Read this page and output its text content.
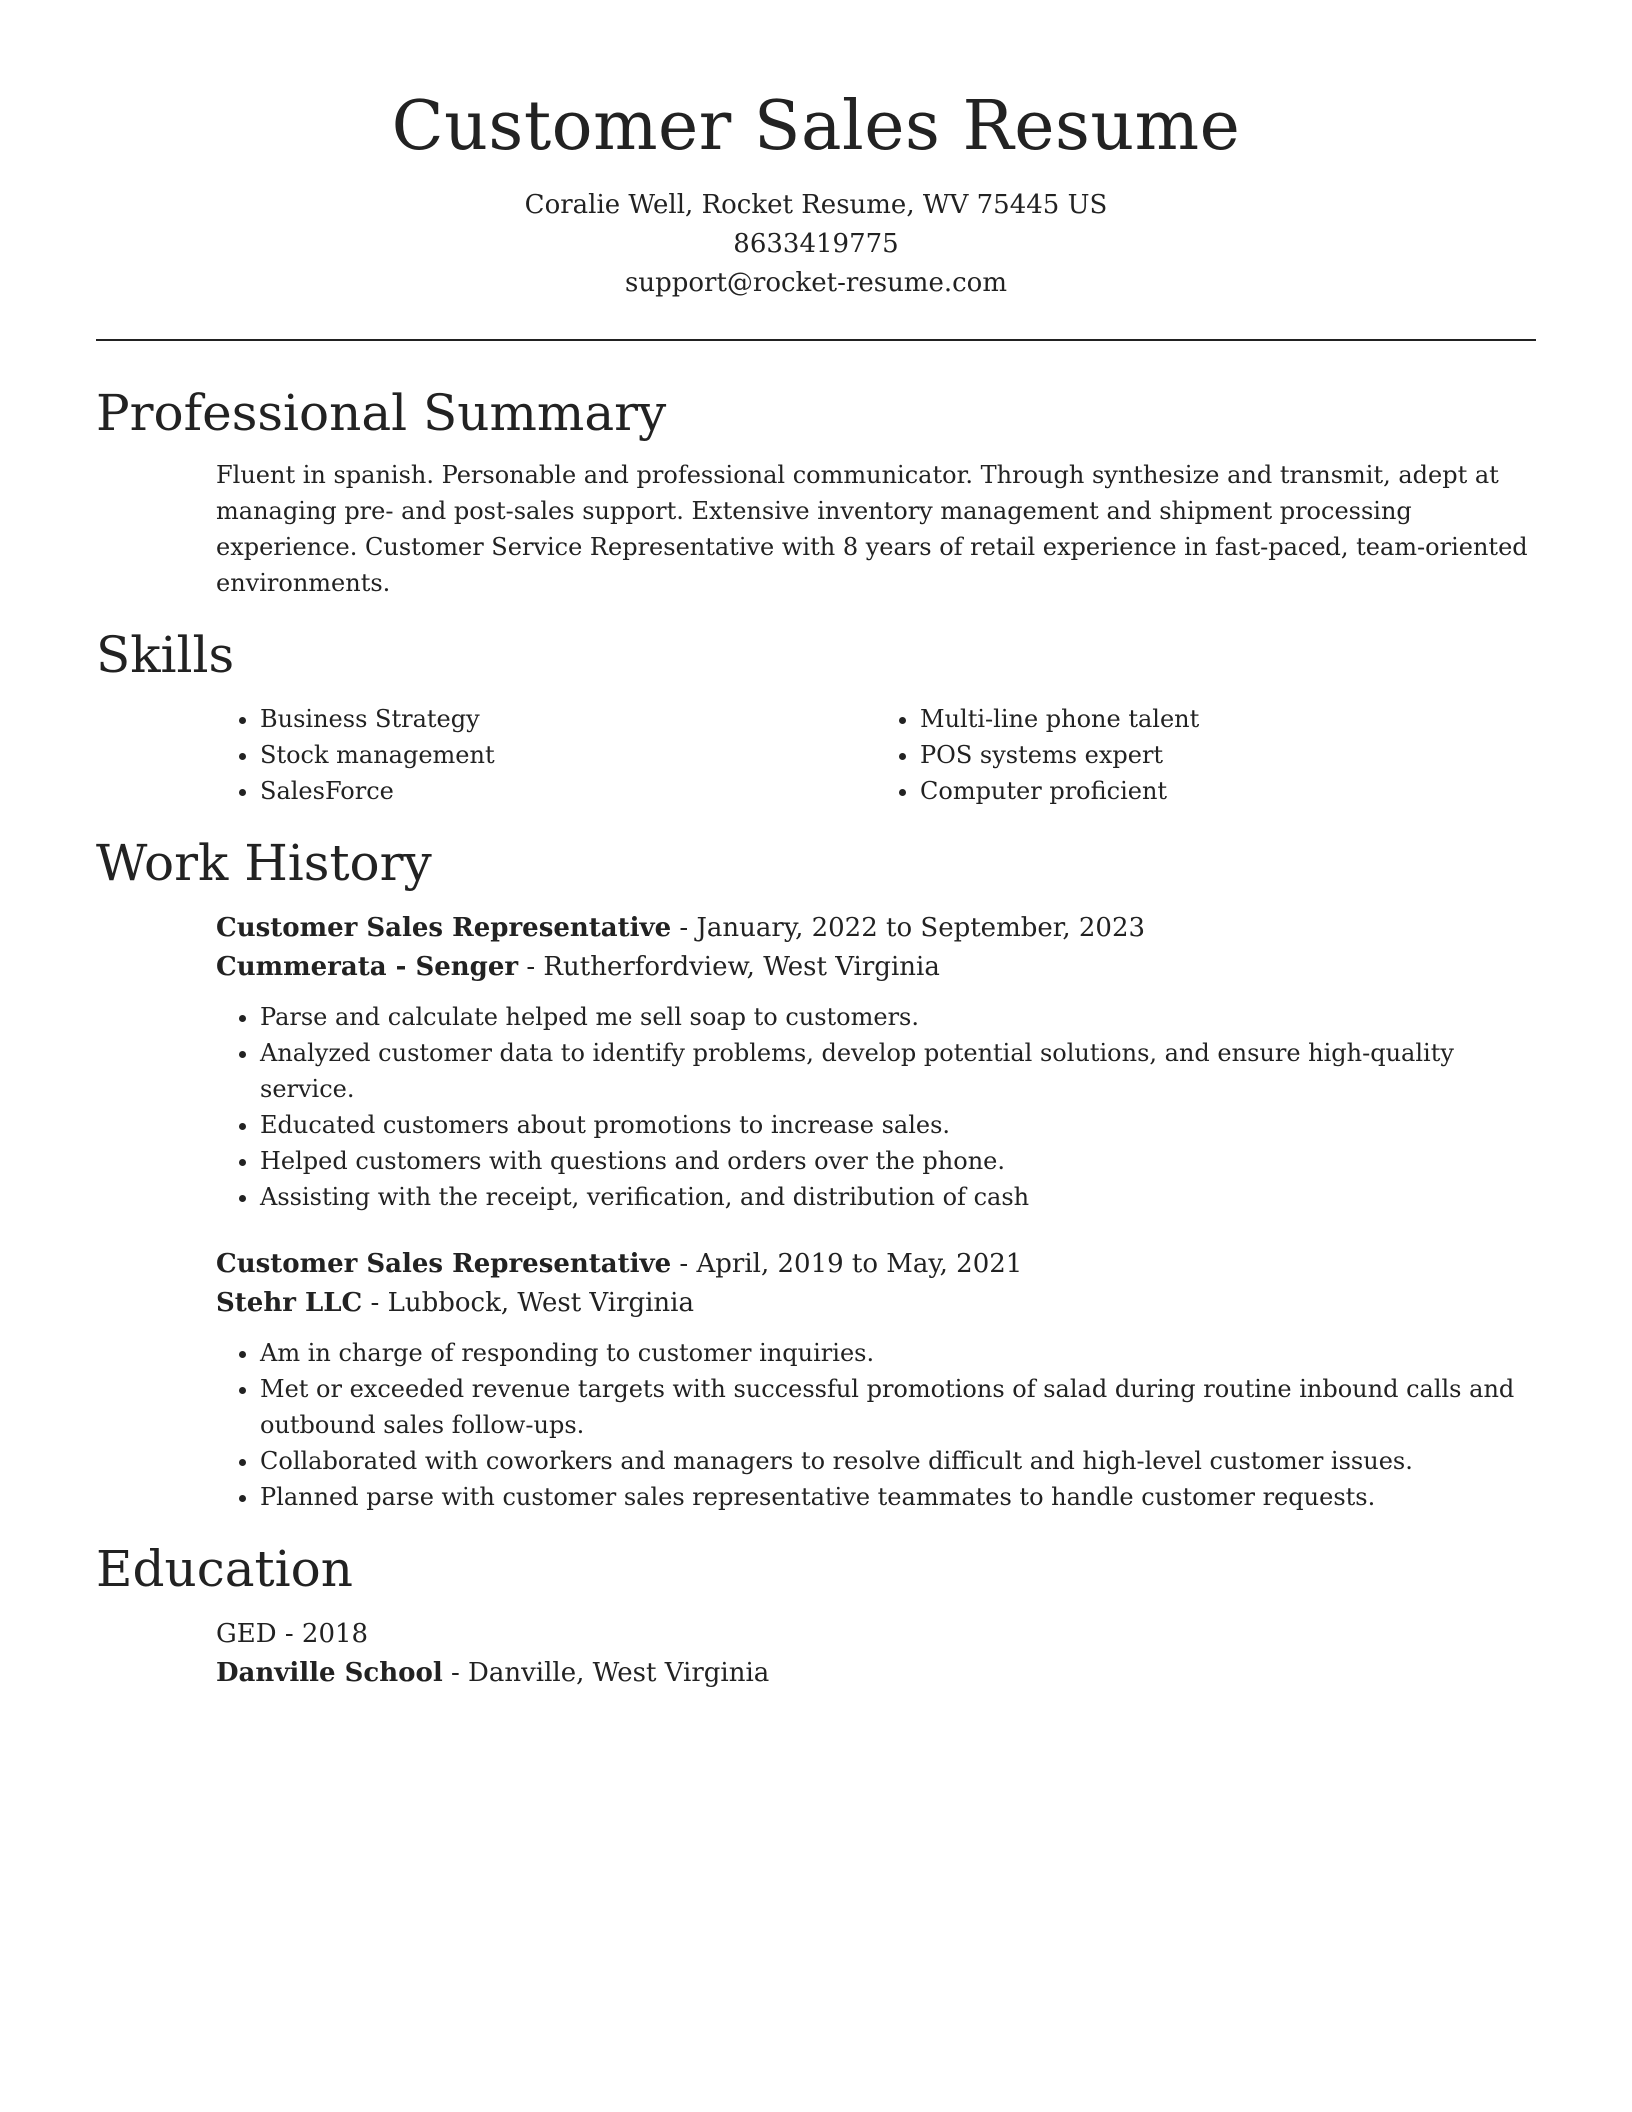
Customer Sales Resume
Coralie Well, Rocket Resume, WV 75445 US
8633419775
support@rocket-resume.com
Professional Summary
Fluent in spanish. Personable and professional communicator. Through synthesize and transmit, adept at managing pre- and post-sales support. Extensive inventory management and shipment processing experience. Customer Service Representative with 8 years of retail experience in fast-paced, team-oriented environments.
Skills
• Business Strategy
• Stock management
• SalesForce
• Multi-line phone talent
• POS systems expert
• Computer proficient
Work History
Customer Sales Representative - January, 2022 to September, 2023
Cummerata - Senger - Rutherfordview, West Virginia
• Parse and calculate helped me sell soap to customers.
• Analyzed customer data to identify problems, develop potential solutions, and ensure high-quality service.
• Educated customers about promotions to increase sales.
• Helped customers with questions and orders over the phone.
• Assisting with the receipt, verification, and distribution of cash
Customer Sales Representative - April, 2019 to May, 2021
Stehr LLC - Lubbock, West Virginia
• Am in charge of responding to customer inquiries.
• Met or exceeded revenue targets with successful promotions of salad during routine inbound calls and outbound sales follow-ups.
• Collaborated with coworkers and managers to resolve difficult and high-level customer issues.
• Planned parse with customer sales representative teammates to handle customer requests.
Education
GED - 2018
Danville School - Danville, West Virginia
